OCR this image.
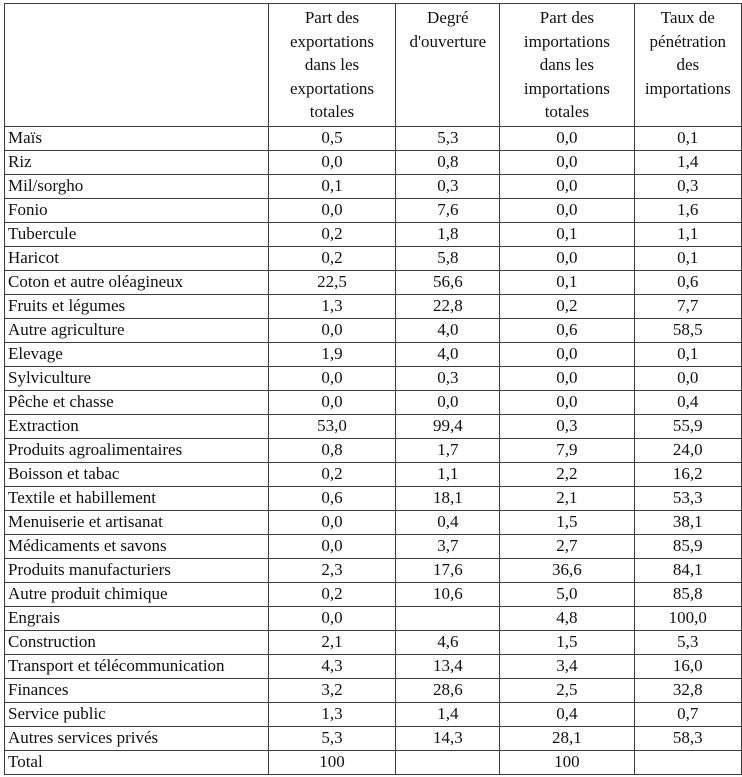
	Part des
exportations
dans les
exportations
totales	Degré
d'ouverture	Part des
importations
dans les
importations
totales	Taux de
pénétration
des
importations

Maïs	0,5	5,3	0,0	0,1
Riz	0,0	0,8	0,0	1,4
Mil/sorgho	0,1	0,3	0,0	0,3
Fonio	0,0	7,6	0,0	1,6
Tubercule	0,2	1,8	0,1	1,1
Haricot	0,2	5,8	0,0	0,1
Coton et autre oléagineux	22,5	56,6	0,1	0,6
Fruits et légumes	1,3	22,8	0,2	7,7
Autre agriculture	0,0	4,0	0,6	58,5
Elevage	1,9	4,0	0,0	0,1
Sylviculture	0,0	0,3	0,0	0,0
Pêche et chasse	0,0	0,0	0,0	0,4
Extraction	53,0	99,4	0,3	55,9
Produits agroalimentaires	0,8	1,7	7,9	24,0
Boisson et tabac	0,2	1,1	2,2	16,2
Textile et habillement	0,6	18,1	2,1	53,3
Menuiserie et artisanat	0,0	0,4	1,5	38,1
Médicaments et savons	0,0	3,7	2,7	85,9
Produits manufacturiers	2,3	17,6	36,6	84,1
Autre produit chimique	0,2	10,6	5,0	85,8
Engrais	0,0		4,8	100,0
Construction	2,1	4,6	1,5	5,3
Transport et télécommunication	4,3	13,4	3,4	16,0
Finances	3,2	28,6	2,5	32,8
Service public	1,3	1,4	0,4	0,7
Autres services privés	5,3	14,3	28,1	58,3
Total	100		100	
